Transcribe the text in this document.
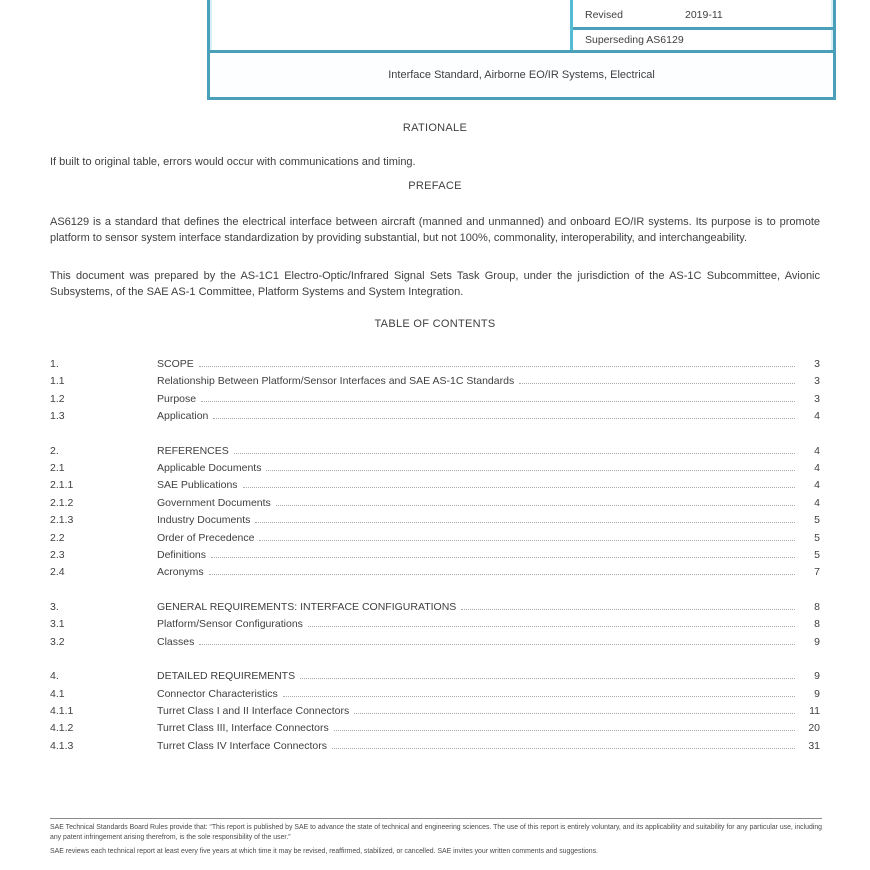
Revised	2019-11
Superseding AS6129
Interface Standard, Airborne EO/IR Systems, Electrical
RATIONALE
If built to original table, errors would occur with communications and timing.
PREFACE

AS6129 is a standard that defines the electrical interface between aircraft (manned and unmanned) and onboard EO/IR systems. Its purpose is to promote platform to sensor system interface standardization by providing substantial, but not 100%, commonality, interoperability, and interchangeability.

This document was prepared by the AS-1C1 Electro-Optic/Infrared Signal Sets Task Group, under the jurisdiction of the AS-1C Subcommittee, Avionic Subsystems, of the SAE AS-1 Committee, Platform Systems and System Integration.

TABLE OF CONTENTS
1.	SCOPE	3
1.1	Relationship Between Platform/Sensor Interfaces and SAE AS-1C Standards	3
1.2	Purpose	3
1.3	Application	4
2.	REFERENCES	4
2.1	Applicable Documents	4
2.1.1	SAE Publications	4
2.1.2	Government Documents	4
2.1.3	Industry Documents	5
2.2	Order of Precedence	5
2.3	Definitions	5
2.4	Acronyms	7
3.	GENERAL REQUIREMENTS: INTERFACE CONFIGURATIONS	8
3.1	Platform/Sensor Configurations	8
3.2	Classes	9
4.	DETAILED REQUIREMENTS	9
4.1	Connector Characteristics	9
4.1.1	Turret Class I and II Interface Connectors	11
4.1.2	Turret Class III, Interface Connectors	20
4.1.3	Turret Class IV Interface Connectors	31

SAE Technical Standards Board Rules provide that: “This report is published by SAE to advance the state of technical and engineering sciences. The use of this report is entirely voluntary, and its applicability and suitability for any particular use, including any patent infringement arising therefrom, is the sole responsibility of the user.”

SAE reviews each technical report at least every five years at which time it may be revised, reaffirmed, stabilized, or cancelled. SAE invites your written comments and suggestions.
